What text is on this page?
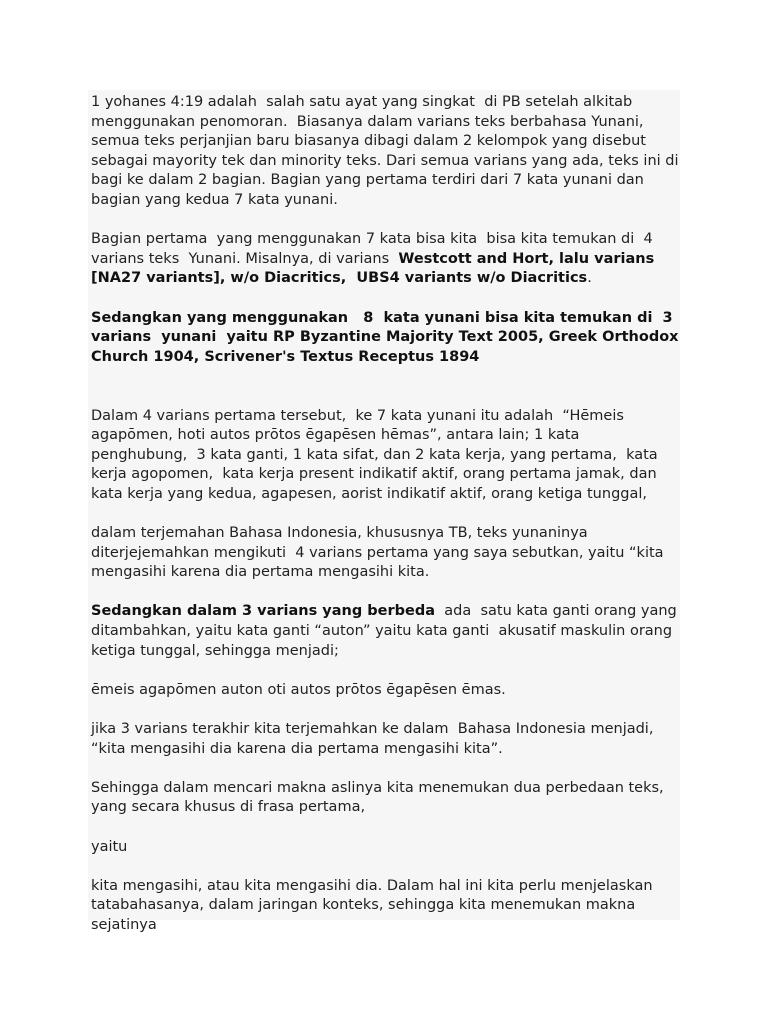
1 yohanes 4:19 adalah  salah satu ayat yang singkat  di PB setelah alkitab
menggunakan penomoran.  Biasanya dalam varians teks berbahasa Yunani,
semua teks perjanjian baru biasanya dibagi dalam 2 kelompok yang disebut
sebagai mayority tek dan minority teks. Dari semua varians yang ada, teks ini di
bagi ke dalam 2 bagian. Bagian yang pertama terdiri dari 7 kata yunani dan
bagian yang kedua 7 kata yunani.
Bagian pertama  yang menggunakan 7 kata bisa kita  bisa kita temukan di  4
varians teks  Yunani. Misalnya, di varians  Westcott and Hort, lalu varians
[NA27 variants], w/o Diacritics,  UBS4 variants w/o Diacritics.
Sedangkan yang menggunakan   8  kata yunani bisa kita temukan di  3
varians  yunani  yaitu RP Byzantine Majority Text 2005, Greek Orthodox
Church 1904, Scrivener's Textus Receptus 1894
Dalam 4 varians pertama tersebut,  ke 7 kata yunani itu adalah  “Hēmeis
agapōmen, hoti autos prōtos ēgapēsen hēmas”, antara lain; 1 kata
penghubung,  3 kata ganti, 1 kata sifat, dan 2 kata kerja, yang pertama,  kata
kerja agopomen,  kata kerja present indikatif aktif, orang pertama jamak, dan
kata kerja yang kedua, agapesen, aorist indikatif aktif, orang ketiga tunggal,
dalam terjemahan Bahasa Indonesia, khususnya TB, teks yunaninya
diterjejemahkan mengikuti  4 varians pertama yang saya sebutkan, yaitu “kita
mengasihi karena dia pertama mengasihi kita.
Sedangkan dalam 3 varians yang berbeda  ada  satu kata ganti orang yang
ditambahkan, yaitu kata ganti “auton” yaitu kata ganti  akusatif maskulin orang
ketiga tunggal, sehingga menjadi;
ēmeis agapōmen auton oti autos prōtos ēgapēsen ēmas.
jika 3 varians terakhir kita terjemahkan ke dalam  Bahasa Indonesia menjadi,
“kita mengasihi dia karena dia pertama mengasihi kita”.
Sehingga dalam mencari makna aslinya kita menemukan dua perbedaan teks,
yang secara khusus di frasa pertama,
yaitu
kita mengasihi, atau kita mengasihi dia. Dalam hal ini kita perlu menjelaskan
tatabahasanya, dalam jaringan konteks, sehingga kita menemukan makna
sejatinya
